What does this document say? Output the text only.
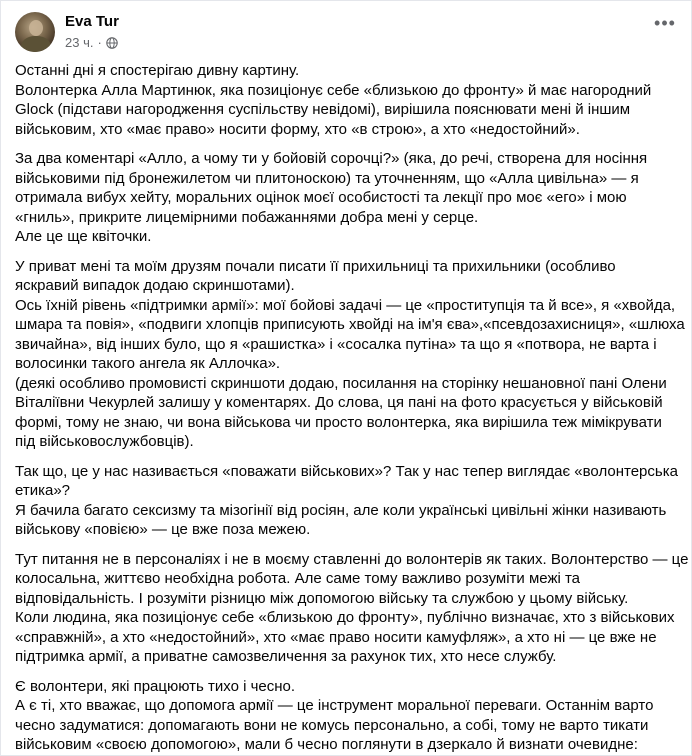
Eva Tur
23 ч. ·
•••
Останні дні я спостерігаю дивну картину.
Волонтерка Алла Мартинюк, яка позиціонує себе «близькою до фронту» й має нагородний
Glock (підстави нагородження суспільству невідомі), вирішила пояснювати мені й іншим
військовим, хто «має право» носити форму, хто «в строю», а хто «недостойний».
За два коментарі «Алло, а чому ти у бойовій сорочці?» (яка, до речі, створена для носіння
військовими під бронежилетом чи плитоноскою) та уточненням, що «Алла цивільна» — я
отримала вибух хейту, моральних оцінок моєї особистості та лекції про моє «его» і мою
«гниль», прикрите лицемірними побажаннями добра мені у серце.
Але це ще квіточки.
У приват мені та моїм друзям почали писати її прихильниці та прихильники (особливо
яскравий випадок додаю скриншотами).
Ось їхній рівень «підтримки армії»: мої бойові задачі — це «проститупція та й все», я «хвойда,
шмара та повія», «подвиги хлопців приписують хвойді на ім'я єва»,«псевдозахисниця», «шлюха
звичайна», від інших було, що я «рашистка» і «сосалка путіна» та що я «потвора, не варта і
волосинки такого ангела як Аллочка».
(деякі особливо промовисті скриншоти додаю, посилання на сторінку нешановної пані Олени
Віталіївни Чекурлей залишу у коментарях. До слова, ця пані на фото красується у військовій
формі, тому не знаю, чи вона військова чи просто волонтерка, яка вирішила теж мімікрувати
під військовослужбовців).
Так що, це у нас називається «поважати військових»? Так у нас тепер виглядає «волонтерська
етика»?
Я бачила багато сексизму та мізогінії від росіян, але коли українські цивільні жінки називають
військову «повією» — це вже поза межею.
Тут питання не в персоналіях і не в моєму ставленні до волонтерів як таких. Волонтерство — це
колосальна, життєво необхідна робота. Але саме тому важливо розуміти межі та
відповідальність. І розуміти різницю між допомогою війську та службою у цьому війську.
Коли людина, яка позиціонує себе «близькою до фронту», публічно визначає, хто з військових
«справжній», а хто «недостойний», хто «має право носити камуфляж», а хто ні — це вже не
підтримка армії, а приватне самозвеличення за рахунок тих, хто несе службу.
Є волонтери, які працюють тихо і чесно.
А є ті, хто вважає, що допомога армії — це інструмент моральної переваги. Останнім варто
чесно задуматися: допомагають вони не комусь персонально, а собі, тому не варто тикати
військовим «своєю допомогою», мали б чесно поглянути в дзеркало й визнати очевидне:
